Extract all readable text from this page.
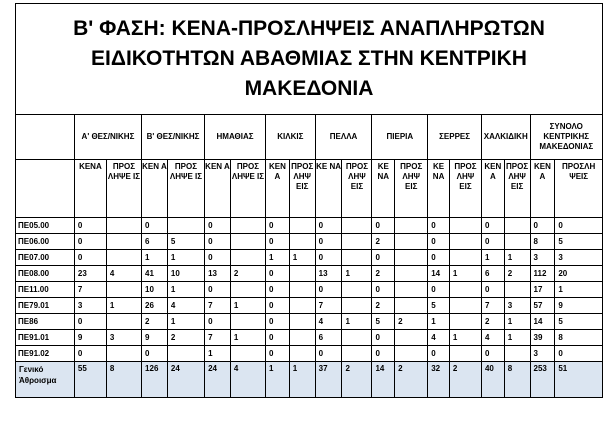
Β' ΦΑΣΗ: ΚΕΝΑ-ΠΡΟΣΛΗΨΕΙΣ ΑΝΑΠΛΗΡΩΤΩΝ
ΕΙΔΙΚΟΤΗΤΩΝ ΑΒΑΘΜΙΑΣ ΣΤΗΝ ΚΕΝΤΡΙΚΗ
ΜΑΚΕΔΟΝΙΑ
	Α' ΘΕΣ/ΝΙΚΗΣ		Β' ΘΕΣ/ΝΙΚΗΣ		ΗΜΑΘΙΑΣ		ΚΙΛΚΙΣ		ΠΕΛΛΑ		ΠΙΕΡΙΑ		ΣΕΡΡΕΣ		ΧΑΛΚΙΔΙΚΗ		ΣΥΝΟΛΟ ΚΕΝΤΡΙΚΗΣ ΜΑΚΕΔΟΝΙΑΣ	
	ΚΕΝΑ	ΠΡΟΣ ΛΗΨΕ ΙΣ	ΚΕΝ Α	ΠΡΟΣ ΛΗΨΕ ΙΣ	ΚΕΝ Α	ΠΡΟΣ ΛΗΨΕ ΙΣ	ΚΕΝ Α	ΠΡΟΣ ΛΗΨ ΕΙΣ	ΚΕ ΝΑ	ΠΡΟΣ ΛΗΨ ΕΙΣ	ΚΕ ΝΑ	ΠΡΟΣ ΛΗΨ ΕΙΣ	ΚΕ ΝΑ	ΠΡΟΣ ΛΗΨ ΕΙΣ	ΚΕΝ Α	ΠΡΟΣ ΛΗΨ ΕΙΣ	ΚΕΝ Α	ΠΡΟΣΛΗ ΨΕΙΣ
ΠΕ05.00	0		0		0		0		0		0		0		0		0	0
ΠΕ06.00	0		6	5	0		0		0		2		0		0		8	5
ΠΕ07.00	0		1	1	0		1	1	0		0		0		1	1	3	3
ΠΕ08.00	23	4	41	10	13	2	0		13	1	2		14	1	6	2	112	20
ΠΕ11.00	7		10	1	0		0		0		0		0		0		17	1
ΠΕ79.01	3	1	26	4	7	1	0		7		2		5		7	3	57	9
ΠΕ86	0		2	1	0		0		4	1	5	2	1		2	1	14	5
ΠΕ91.01	9	3	9	2	7	1	0		6		0		4	1	4	1	39	8
ΠΕ91.02	0		0		1		0		0		0		0		0		3	0
Γενικό Άθροισμα	55	8	126	24	24	4	1	1	37	2	14	2	32	2	40	8	253	51
